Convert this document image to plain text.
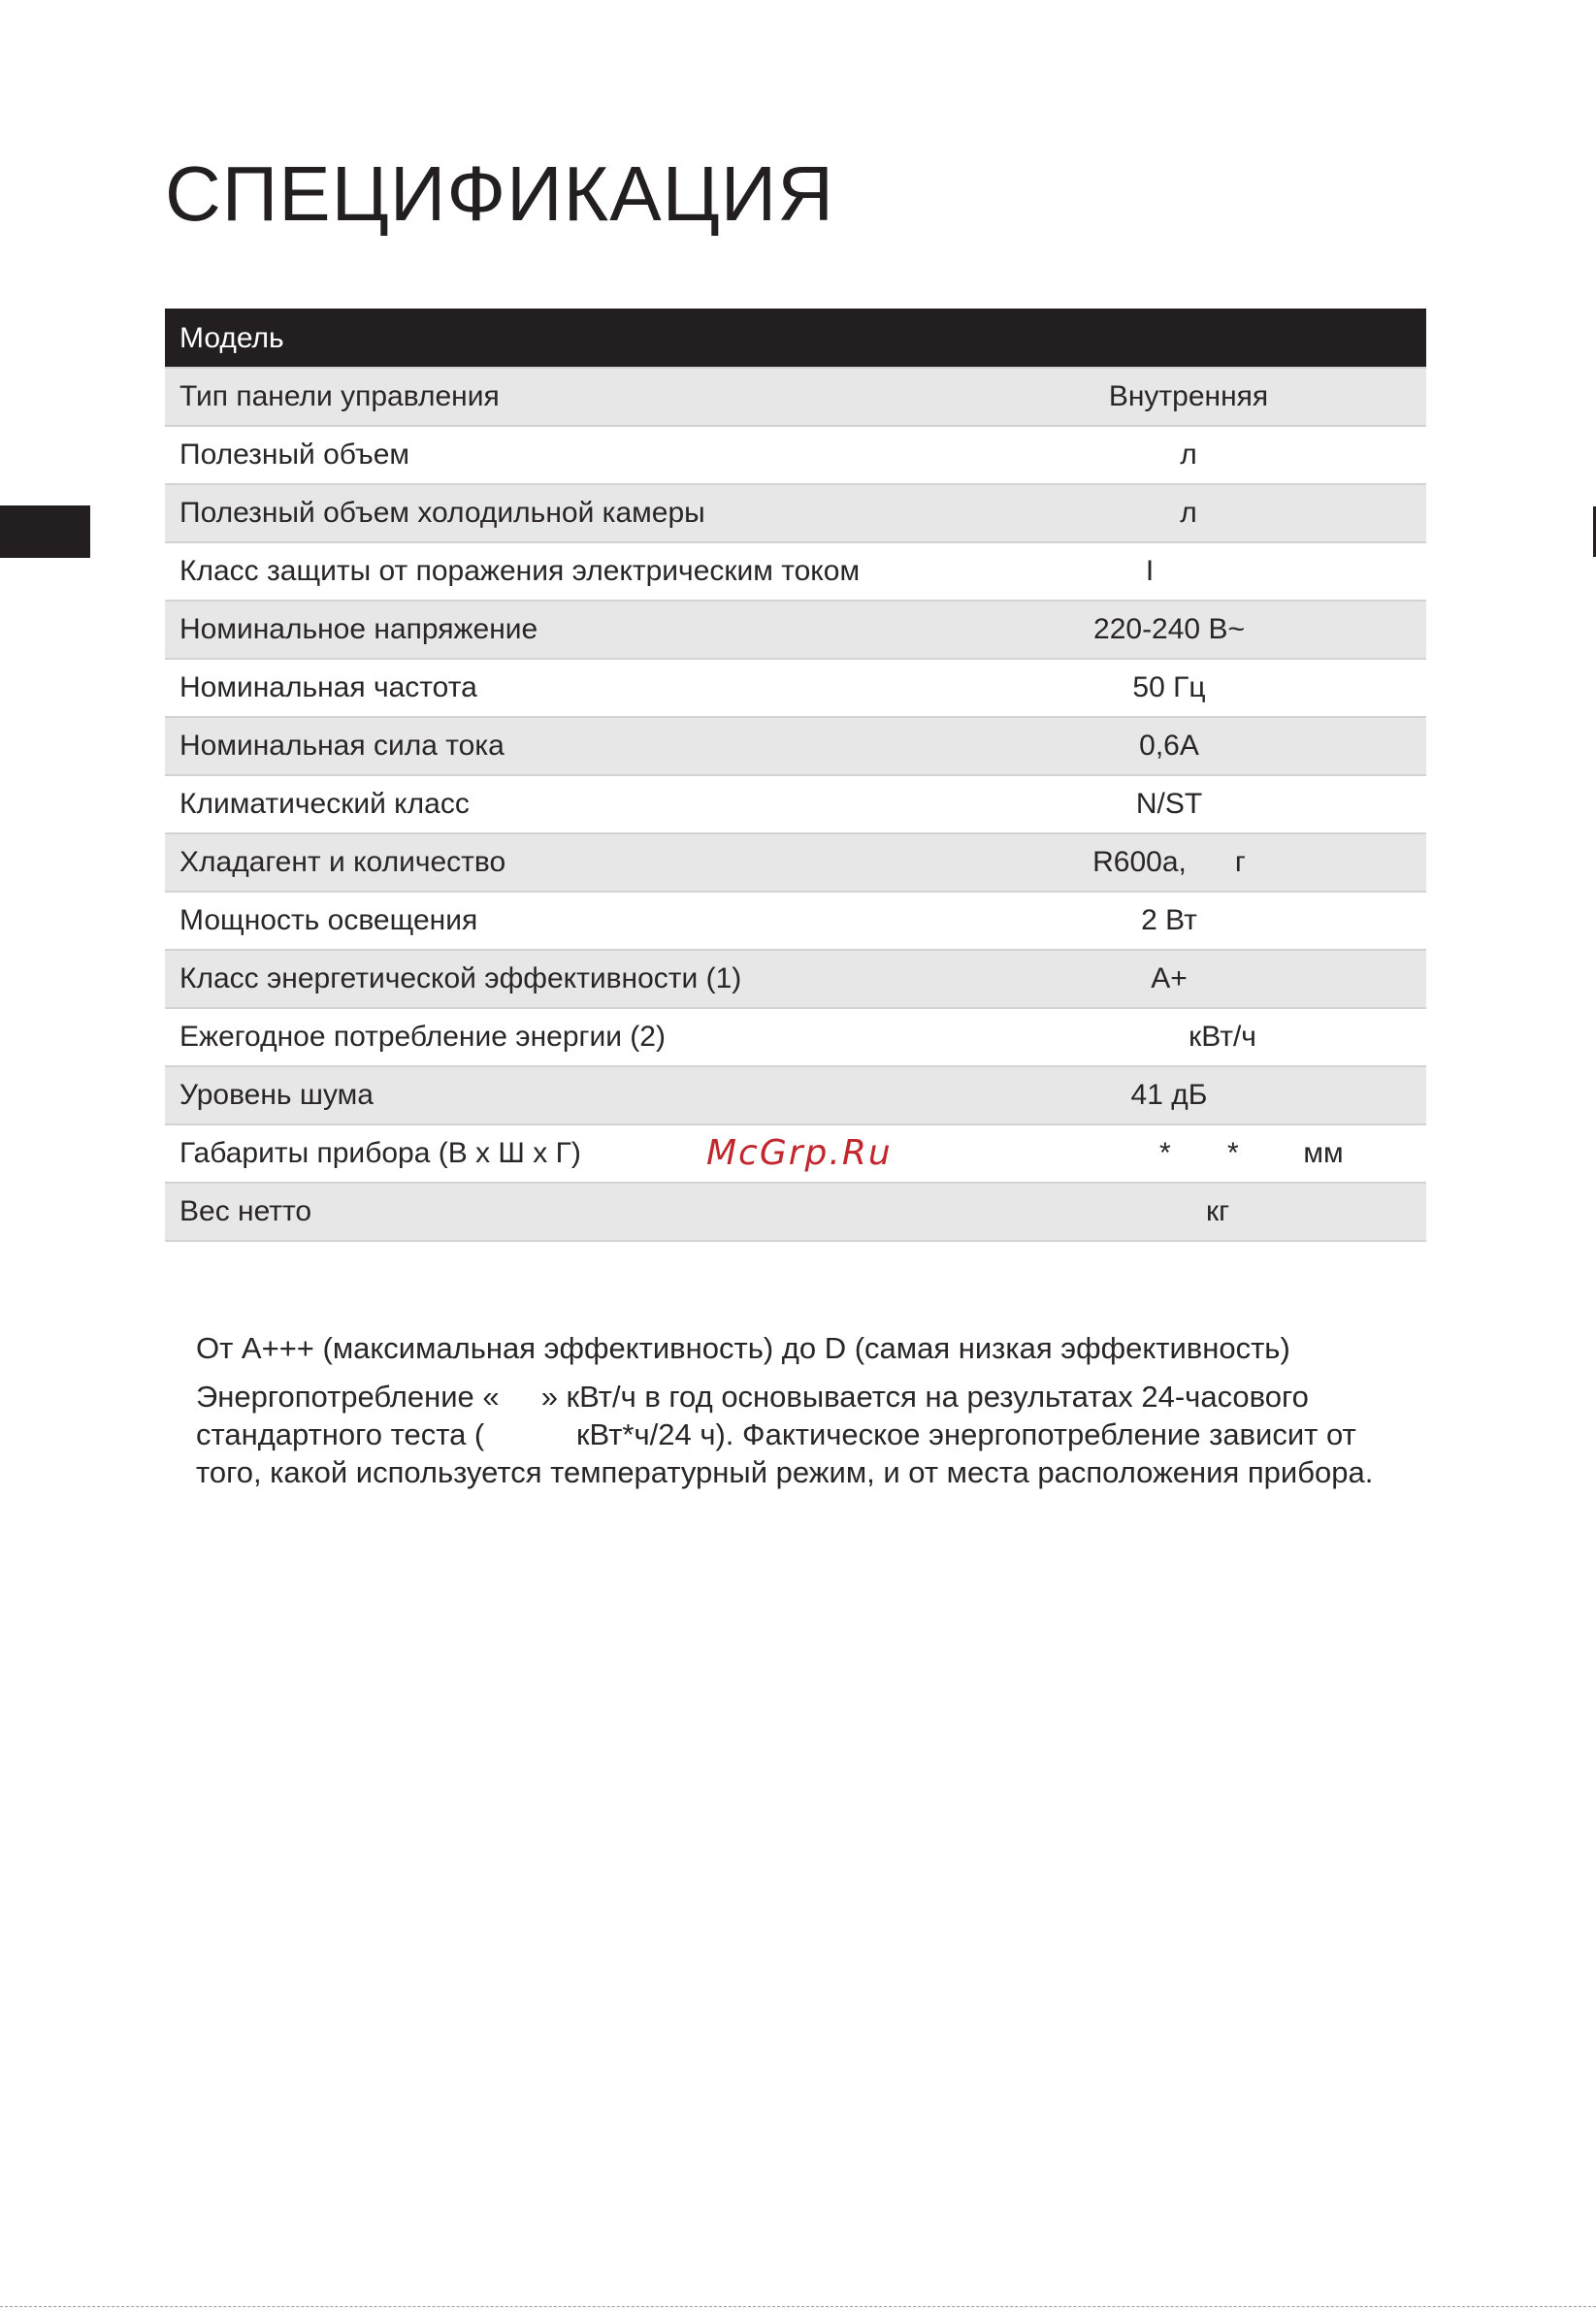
СПЕЦИФИКАЦИЯ
Модель
Тип панели управления	Внутренняя
Полезный объем	л
Полезный объем холодильной камеры	л
Класс защиты от поражения электрическим током	I
Номинальное напряжение	220-240 В~
Номинальная частота	50 Гц
Номинальная сила тока	0,6А
Климатический класс	N/ST
Хладагент и количество	R600a,      г
Мощность освещения	2 Вт
Класс энергетической эффективности (1)	А+
Ежегодное потребление энергии (2)	кВт/ч
Уровень шума	41 дБ
Габариты прибора (В х Ш х Г)	*       *        мм
Вес нетто	кг
McGrp.Ru

От А+++ (максимальная эффективность) до D (самая низкая эффективность)

Энергопотребление «     » кВт/ч в год основывается на результатах 24-часового стандартного теста (           кВт*ч/24 ч). Фактическое энергопотребление зависит от того, какой используется температурный режим, и от места расположения прибора.
